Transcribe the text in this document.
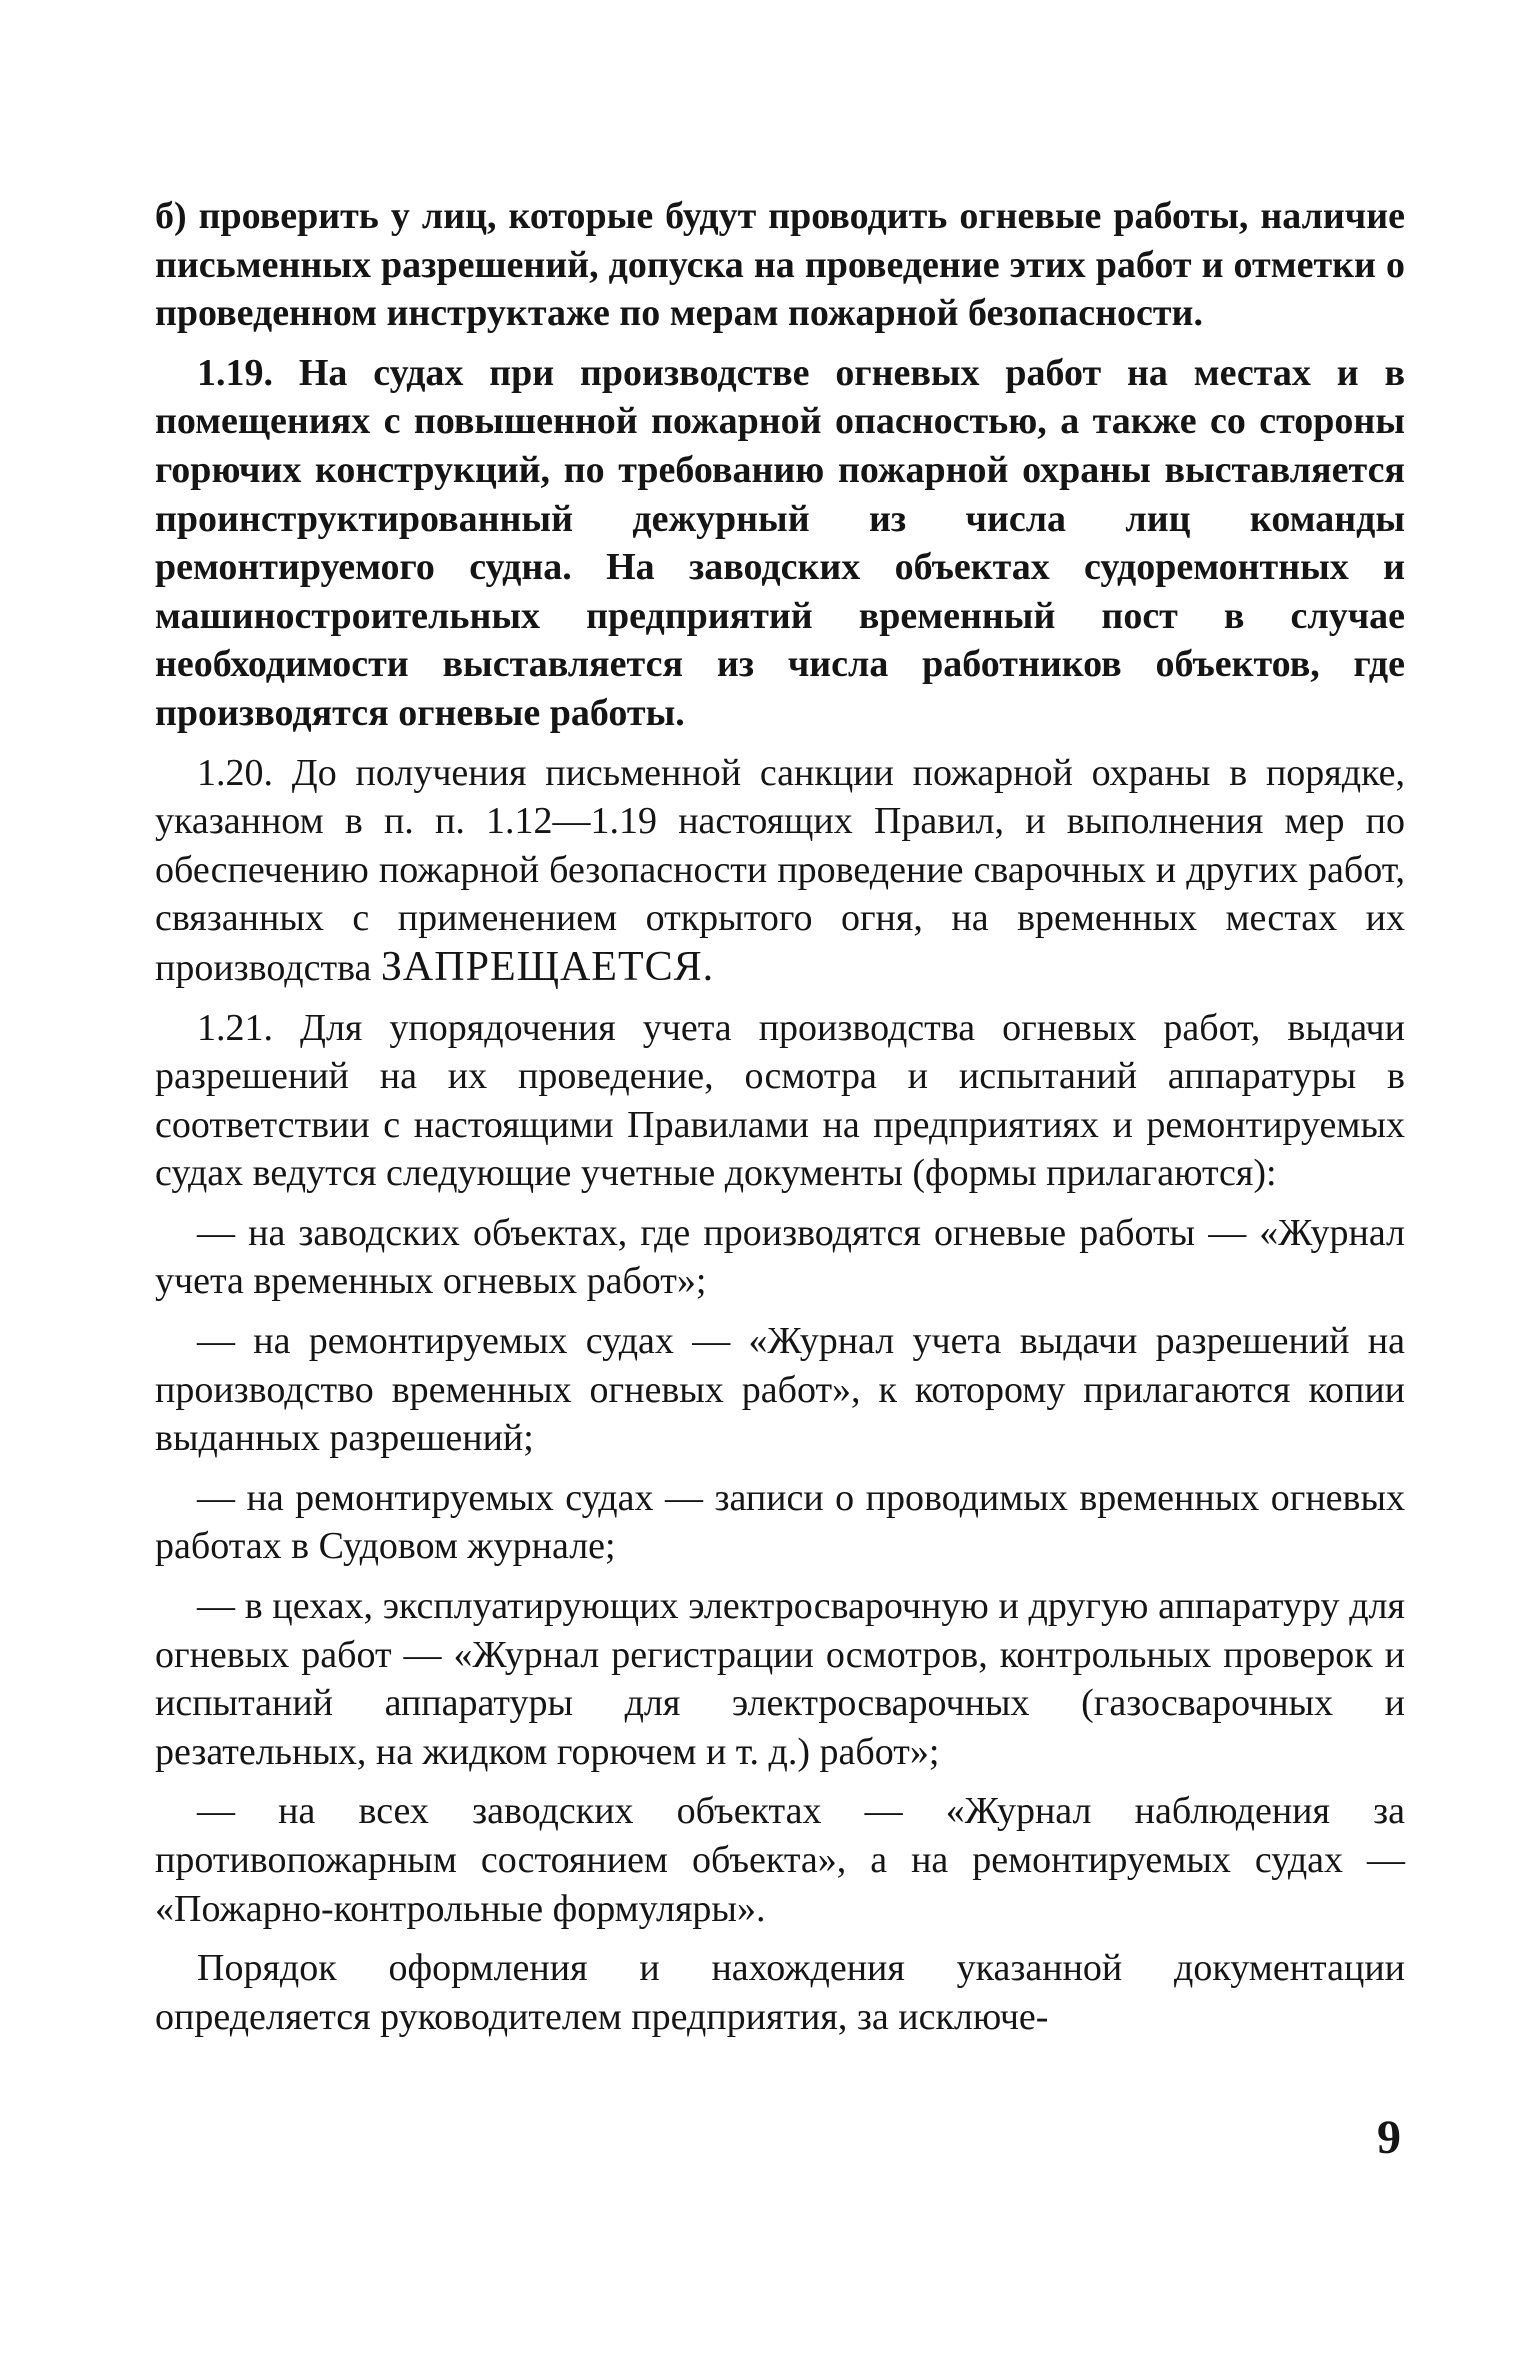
б) проверить у лиц, которые будут проводить огневые работы, наличие письменных разрешений, допуска на проведение этих работ и отметки о проведенном инструктаже по мерам пожарной безопасности.

1.19. На судах при производстве огневых работ на местах и в помещениях с повышенной пожарной опасностью, а также со стороны горючих конструкций, по требованию пожарной охраны выставляется проинструктированный дежурный из числа лиц команды ремонтируемого судна. На заводских объектах судоремонтных и машиностроительных предприятий временный пост в случае необходимости выставляется из числа работников объектов, где производятся огневые работы.

1.20. До получения письменной санкции пожарной охраны в порядке, указанном в п. п. 1.12—1.19 настоящих Правил, и выполнения мер по обеспечению пожарной безопасности проведение сварочных и других работ, связанных с применением открытого огня, на временных местах их производства ЗАПРЕЩАЕТСЯ.

1.21. Для упорядочения учета производства огневых работ, выдачи разрешений на их проведение, осмотра и испытаний аппаратуры в соответствии с настоящими Правилами на предприятиях и ремонтируемых судах ведутся следующие учетные документы (формы прилагаются):

— на заводских объектах, где производятся огневые работы — «Журнал учета временных огневых работ»;

— на ремонтируемых судах — «Журнал учета выдачи разрешений на производство временных огневых работ», к которому прилагаются копии выданных разрешений;

— на ремонтируемых судах — записи о проводимых временных огневых работах в Судовом журнале;

— в цехах, эксплуатирующих электросварочную и другую аппаратуру для огневых работ — «Журнал регистрации осмотров, контрольных проверок и испытаний аппаратуры для электросварочных (газосварочных и резательных, на жидком горючем и т. д.) работ»;

— на всех заводских объектах — «Журнал наблюдения за противопожарным состоянием объекта», а на ремонтируемых судах — «Пожарно-контрольные формуляры».

Порядок оформления и нахождения указанной документации определяется руководителем предприятия, за исключе-

9
